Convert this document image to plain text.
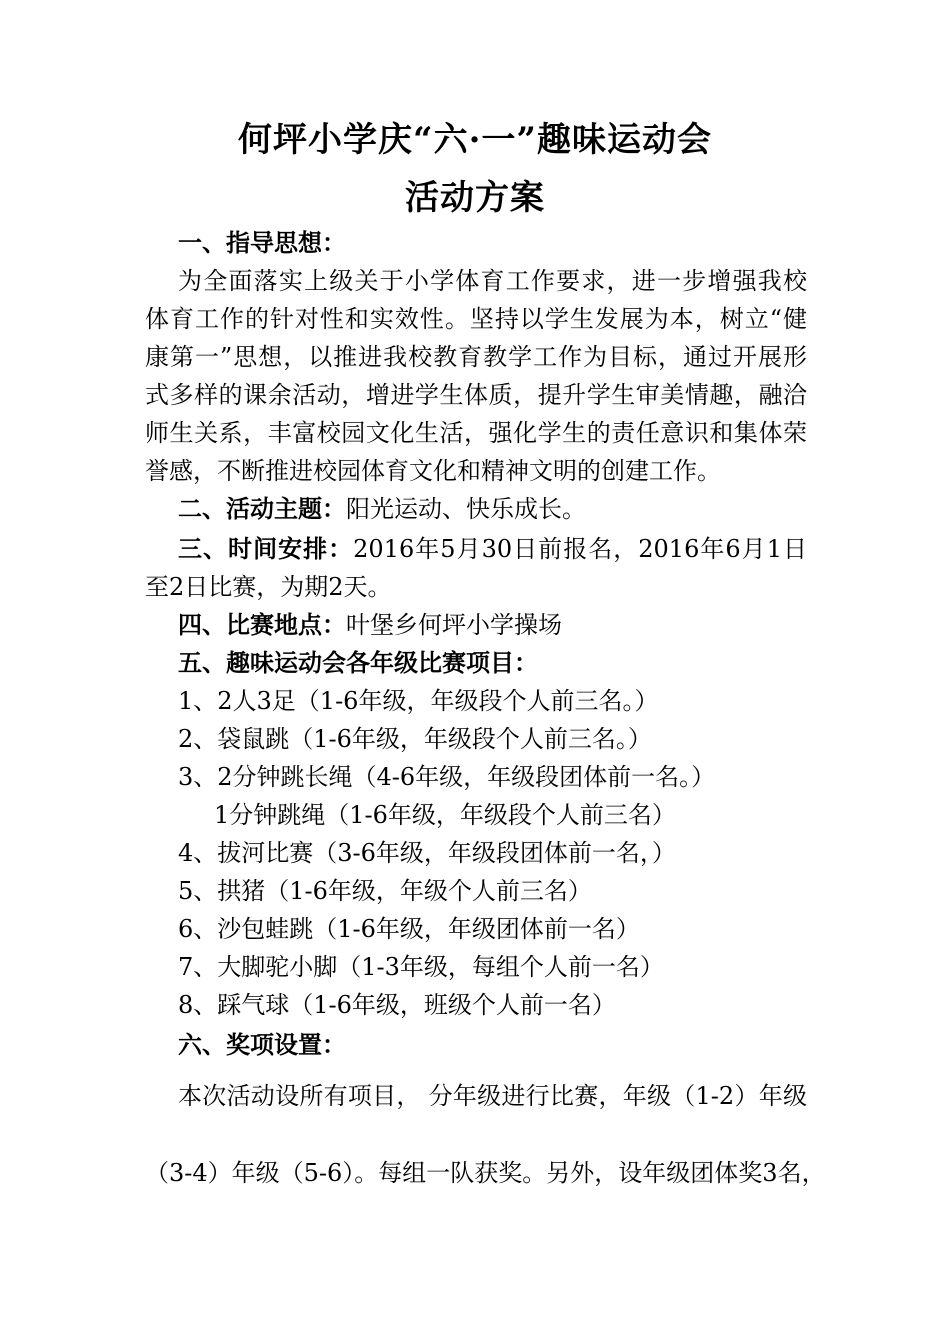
何坪小学庆“六·一”趣味运动会
活动方案
一、指导思想：
为全面落实上级关于小学体育工作要求，进一步增强我校
体育工作的针对性和实效性。坚持以学生发展为本，树立“健
康第一”思想，以推进我校教育教学工作为目标，通过开展形
式多样的课余活动，增进学生体质，提升学生审美情趣，融洽
师生关系，丰富校园文化生活，强化学生的责任意识和集体荣
誉感，不断推进校园体育文化和精神文明的创建工作。
二、活动主题：阳光运动、快乐成长。
三、时间安排：2016年5月30日前报名，2016年6月1日
至2日比赛，为期2天。
四、比赛地点：叶堡乡何坪小学操场
五、趣味运动会各年级比赛项目：
1、2人3足（1-6年级，年级段个人前三名。）
2、袋鼠跳（1-6年级，年级段个人前三名。）
3、2分钟跳长绳（4-6年级，年级段团体前一名。）
1分钟跳绳（1-6年级，年级段个人前三名）
4、拔河比赛（3-6年级，年级段团体前一名，）
5、拱猪（1-6年级，年级个人前三名）
6、沙包蛙跳（1-6年级，年级团体前一名）
7、大脚驼小脚（1-3年级，每组个人前一名）
8、踩气球（1-6年级，班级个人前一名）
六、奖项设置：
本次活动设所有项目， 分年级进行比赛，年级（1-2）年级
（3-4）年级（5-6）。每组一队获奖。另外，设年级团体奖3名，
